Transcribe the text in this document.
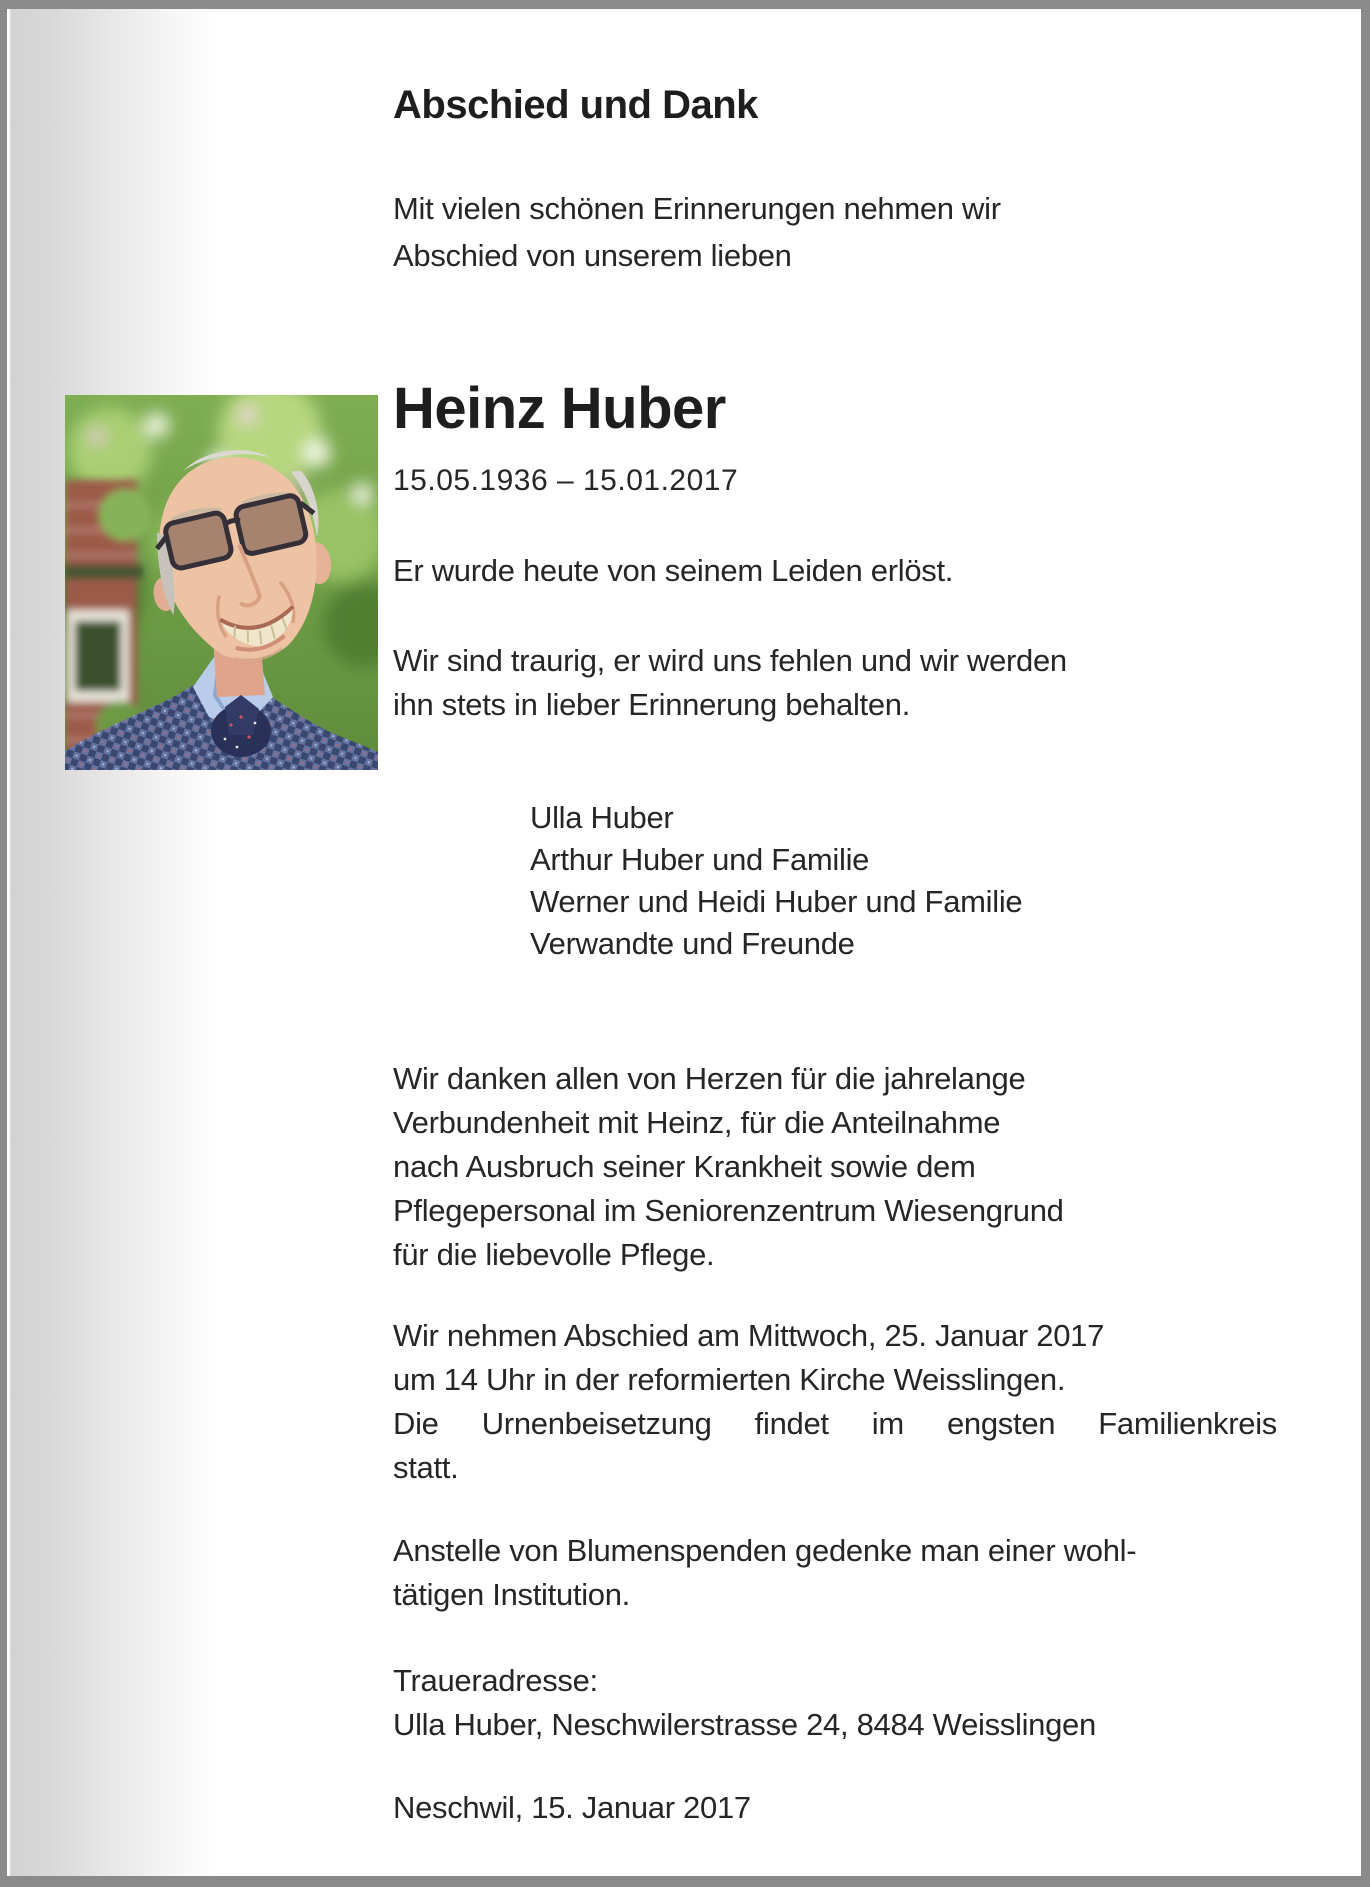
Abschied und Dank
Mit vielen schönen Erinnerungen nehmen wir
Abschied von unserem lieben
Heinz Huber
15.05.1936 – 15.01.2017
Er wurde heute von seinem Leiden erlöst.
Wir sind traurig, er wird uns fehlen und wir werden
ihn stets in lieber Erinnerung behalten.
Ulla Huber
Arthur Huber und Familie
Werner und Heidi Huber und Familie
Verwandte und Freunde
Wir danken allen von Herzen für die jahrelange
Verbundenheit mit Heinz, für die Anteilnahme
nach Ausbruch seiner Krankheit sowie dem
Pflegepersonal im Seniorenzentrum Wiesengrund
für die liebevolle Pflege.
Wir nehmen Abschied am Mittwoch, 25. Januar 2017
um 14 Uhr in der reformierten Kirche Weisslingen.
Die Urnenbeisetzung findet im engsten Familienkreis
statt.
Anstelle von Blumenspenden gedenke man einer wohl-
tätigen Institution.
Traueradresse:
Ulla Huber, Neschwilerstrasse 24, 8484 Weisslingen
Neschwil, 15. Januar 2017
